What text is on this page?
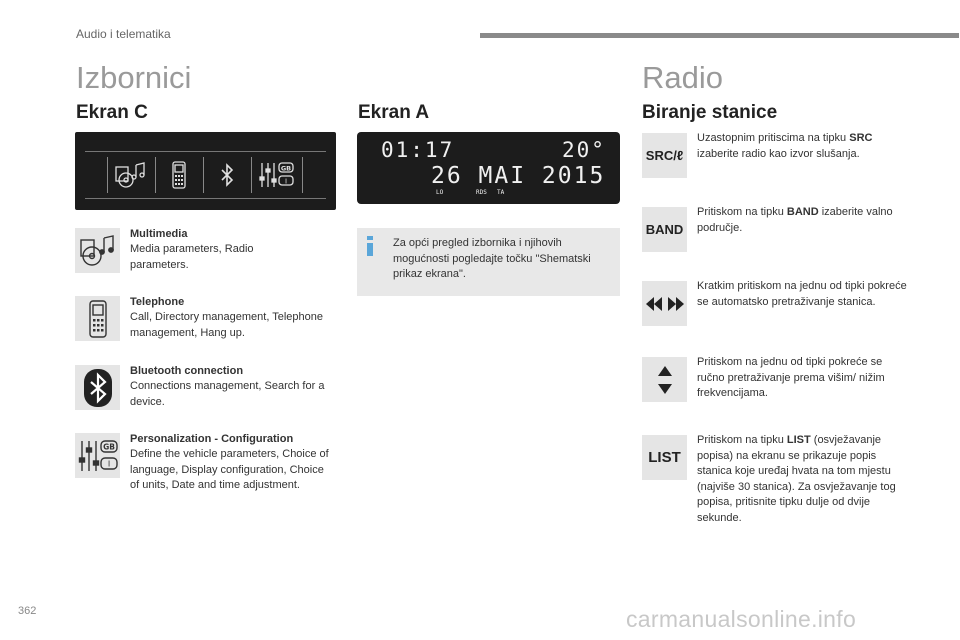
Audio i telematika
Izbornici
Ekran C
GB
I
Multimedia
Media parameters, Radio parameters.
Telephone
Call, Directory management, Telephone management, Hang up.
Bluetooth connection
Connections management, Search for a device.
GB
I
Personalization - Configuration
Define the vehicle parameters, Choice of language, Display configuration, Choice of units, Date and time adjustment.
Ekran A
01:17	20°
26 MAI 2015
LO	RDS TA
Za opći pregled izbornika i njihovih mogućnosti pogledajte točku "Shematski prikaz ekrana".
Radio
Biranje stanice
SRC/ℓ
Uzastopnim pritiscima na tipku SRC izaberite radio kao izvor slušanja.
BAND
Pritiskom na tipku BAND izaberite valno područje.
Kratkim pritiskom na jednu od tipki pokreće se automatsko pretraživanje stanica.
Pritiskom na jednu od tipki pokreće se ručno pretraživanje prema višim/ nižim frekvencijama.
LIST
Pritiskom na tipku LIST (osvježavanje popisa) na ekranu se prikazuje popis stanica koje uređaj hvata na tom mjestu (najviše 30 stanica). Za osvježavanje tog popisa, pritisnite tipku dulje od dvije sekunde.
362	carmanualsonline.info
